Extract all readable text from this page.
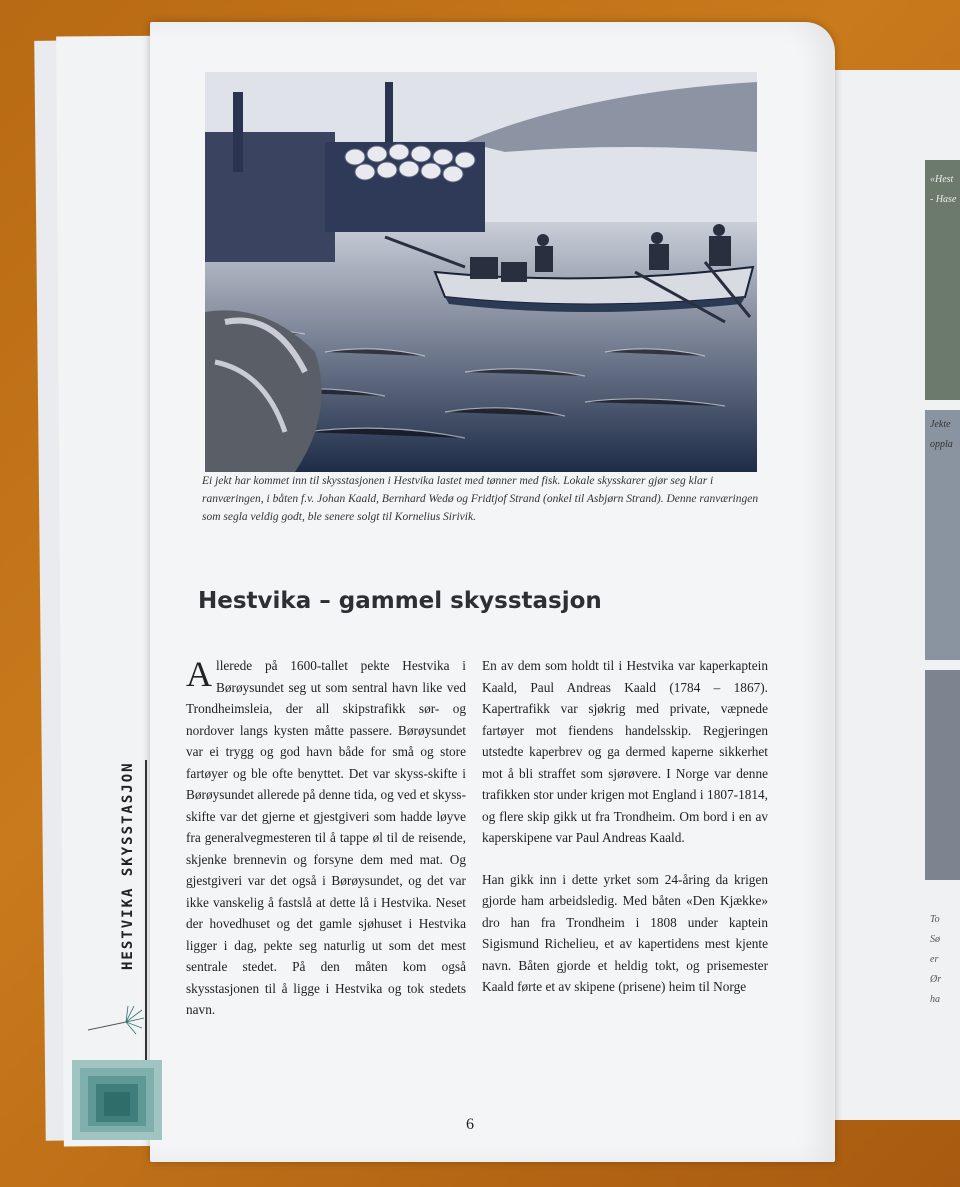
To
Sø
er
Ør
ha
«Hest
- Hase
Jekte
oppla
HESTVIKA SKYSSTASJON
Ei jekt har kommet inn til skysstasjonen i Hestvika lastet med tønner med fisk. Lokale skysskarer gjør seg klar i ranværingen, i båten f.v. Johan Kaald, Bernhard Wedø og Fridtjof Strand (onkel til Asbjørn Strand). Denne ranværingen som segla veldig godt, ble senere solgt til Kornelius Sirivik.
Hestvika – gammel skysstasjon
Allerede på 1600-tallet pekte Hestvika i Børøysundet seg ut som sentral havn like ved Trondheimsleia, der all skipstrafikk sør- og nordover langs kysten måtte passere. Børøysundet var ei trygg og god havn både for små og store fartøyer og ble ofte benyttet. Det var skyss-skifte i Børøysundet allerede på denne tida, og ved et skyss-skifte var det gjerne et gjestgiveri som hadde løyve fra generalvegmesteren til å tappe øl til de reisende, skjenke brennevin og forsyne dem med mat. Og gjestgiveri var det også i Børøysundet, og det var ikke vanskelig å fastslå at dette lå i Hestvika. Neset der hovedhuset og det gamle sjøhuset i Hestvika ligger i dag, pekte seg naturlig ut som det mest sentrale stedet. På den måten kom også skysstasjonen til å ligge i Hestvika og tok stedets navn.
En av dem som holdt til i Hestvika var kaperkaptein Kaald, Paul Andreas Kaald (1784 – 1867). Kapertrafikk var sjøkrig med private, væpnede fartøyer mot fiendens handelsskip. Regjeringen utstedte kaperbrev og ga dermed kaperne sikkerhet mot å bli straffet som sjørøvere. I Norge var denne trafikken stor under krigen mot England i 1807-1814, og flere skip gikk ut fra Trondheim. Om bord i en av kaperskipene var Paul Andreas Kaald.
Han gikk inn i dette yrket som 24-åring da krigen gjorde ham arbeidsledig. Med båten «Den Kjække» dro han fra Trondheim i 1808 under kaptein Sigismund Richelieu, et av kapertidens mest kjente navn. Båten gjorde et heldig tokt, og prisemester Kaald førte et av skipene (prisene) heim til Norge
6
